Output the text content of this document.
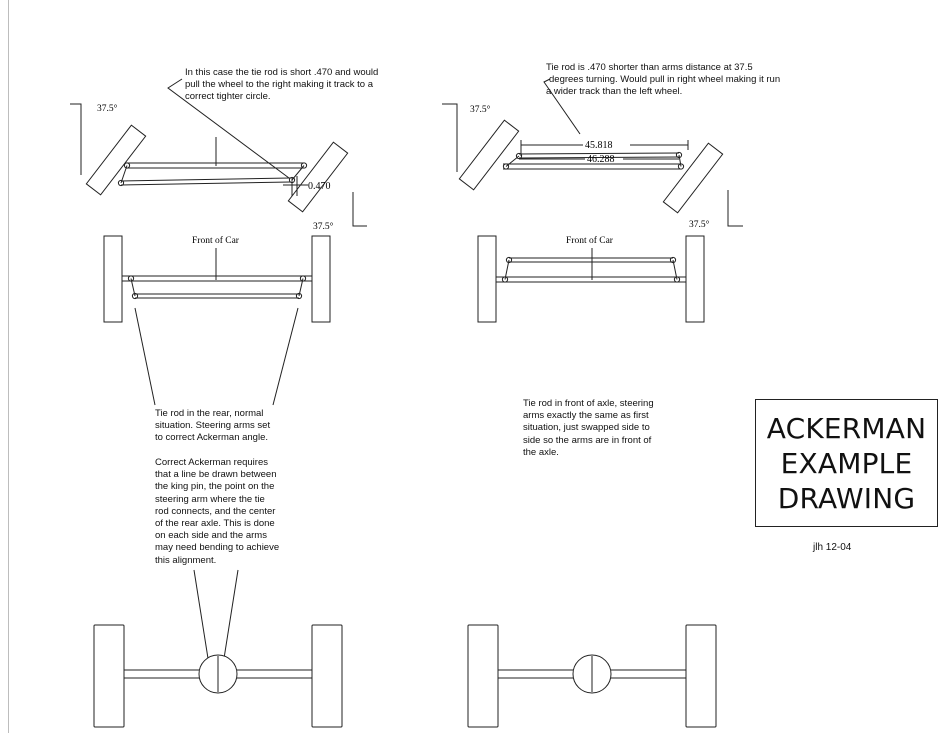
37.5°
37.5°
37.5°
37.5°
Front of Car	Front of Car
0.470
45.818
46.288

In this case the tie rod is short .470 and would
pull the wheel to the right making it track to a
correct tighter circle.

Tie rod is .470 shorter than arms distance at 37.5
degrees turning. Would pull in right wheel making it run
a wider track than the left wheel.

Tie rod in the rear, normal
situation. Steering arms set
to correct Ackerman angle.

Correct Ackerman requires
that a line be drawn between
the king pin, the point on the
steering arm where the tie
rod connects, and the center
of the rear axle. This is done
on each side and the arms
may need bending to achieve
this alignment.

Tie rod in front of axle, steering
arms exactly the same as first
situation, just swapped side to
side so the arms are in front of
the axle.

ACKERMAN
EXAMPLE
DRAWING
jlh 12-04
